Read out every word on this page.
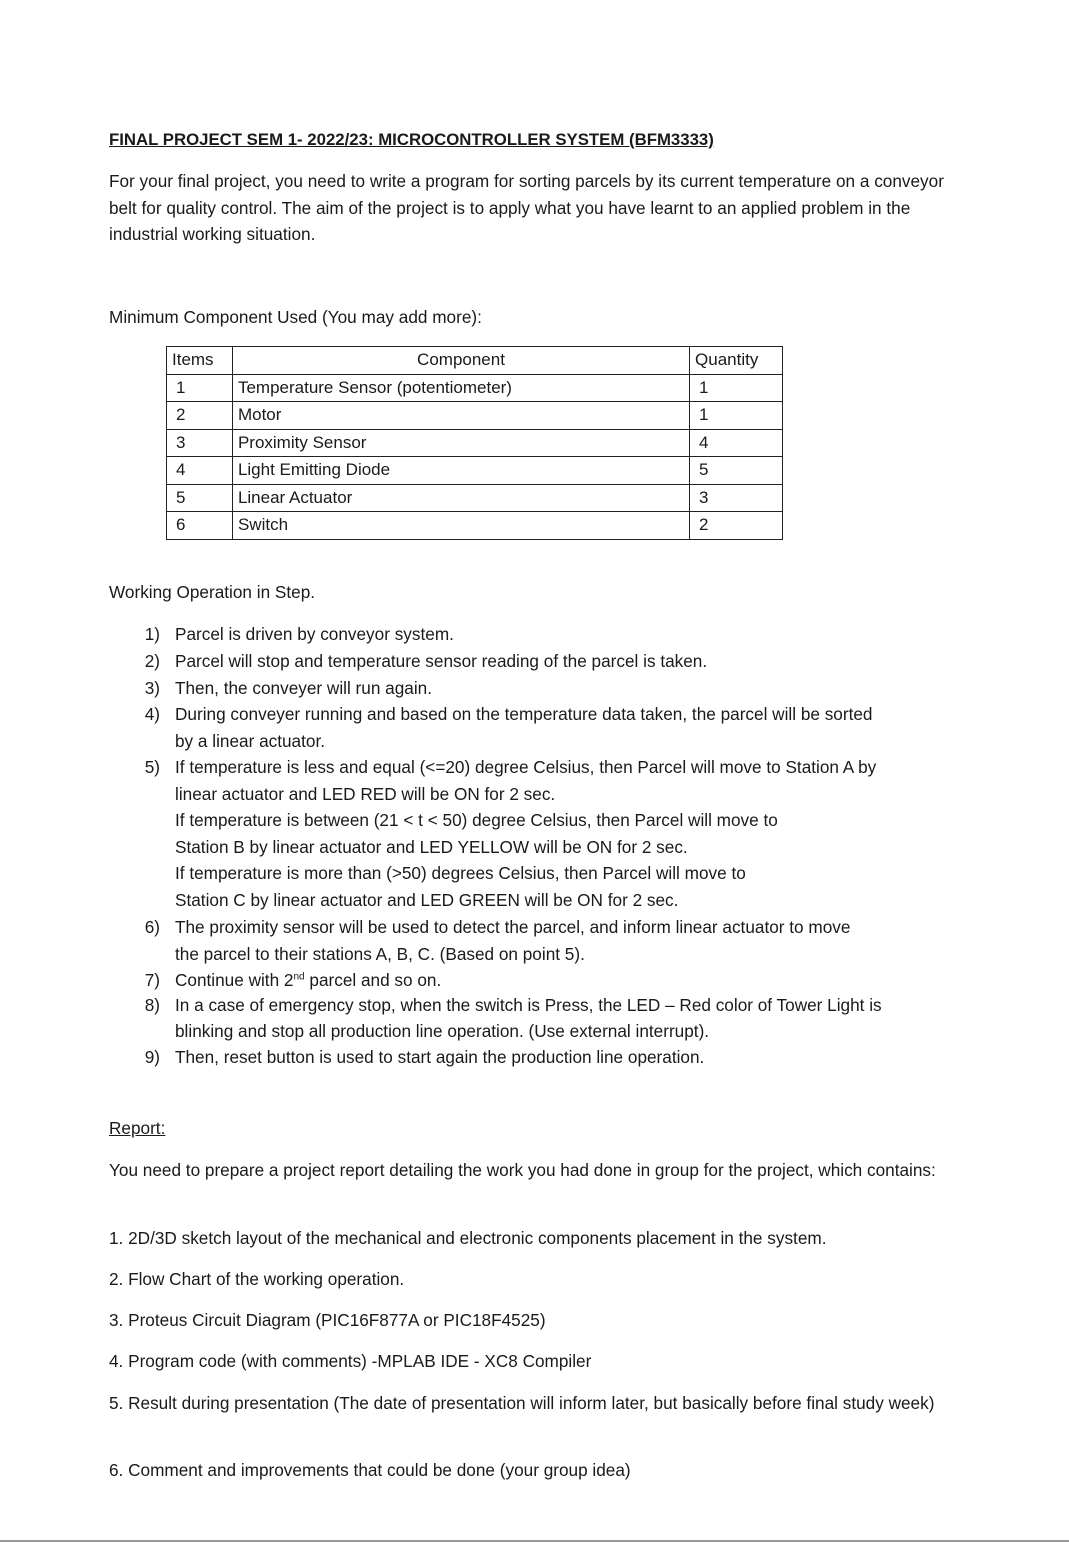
FINAL PROJECT SEM 1- 2022/23: MICROCONTROLLER SYSTEM (BFM3333)
For your final project, you need to write a program for sorting parcels by its current temperature on a conveyor belt for quality control. The aim of the project is to apply what you have learnt to an applied problem in the industrial working situation.
Minimum Component Used (You may add more):
Items	Component	Quantity
1	Temperature Sensor (potentiometer)	1
2	Motor	1
3	Proximity Sensor	4
4	Light Emitting Diode	5
5	Linear Actuator	3
6	Switch	2
Working Operation in Step.
1) Parcel is driven by conveyor system.
2) Parcel will stop and temperature sensor reading of the parcel is taken.
3) Then, the conveyer will run again.
4) During conveyer running and based on the temperature data taken, the parcel will be sorted
by a linear actuator.
5) If temperature is less and equal (<=20) degree Celsius, then Parcel will move to Station A by
linear actuator and LED RED will be ON for 2 sec.
If temperature is between (21 < t < 50) degree Celsius, then Parcel will move to
Station B by linear actuator and LED YELLOW will be ON for 2 sec.
If temperature is more than (>50) degrees Celsius, then Parcel will move to
Station C by linear actuator and LED GREEN will be ON for 2 sec.
6) The proximity sensor will be used to detect the parcel, and inform linear actuator to move
the parcel to their stations A, B, C. (Based on point 5).
7) Continue with 2nd parcel and so on.
8) In a case of emergency stop, when the switch is Press, the LED – Red color of Tower Light is
blinking and stop all production line operation. (Use external interrupt).
9) Then, reset button is used to start again the production line operation.
Report:
You need to prepare a project report detailing the work you had done in group for the project, which contains:
1. 2D/3D sketch layout of the mechanical and electronic components placement in the system.
2. Flow Chart of the working operation.
3. Proteus Circuit Diagram (PIC16F877A or PIC18F4525)
4. Program code (with comments) -MPLAB IDE - XC8 Compiler
5. Result during presentation (The date of presentation will inform later, but basically before final study week)
6. Comment and improvements that could be done (your group idea)
